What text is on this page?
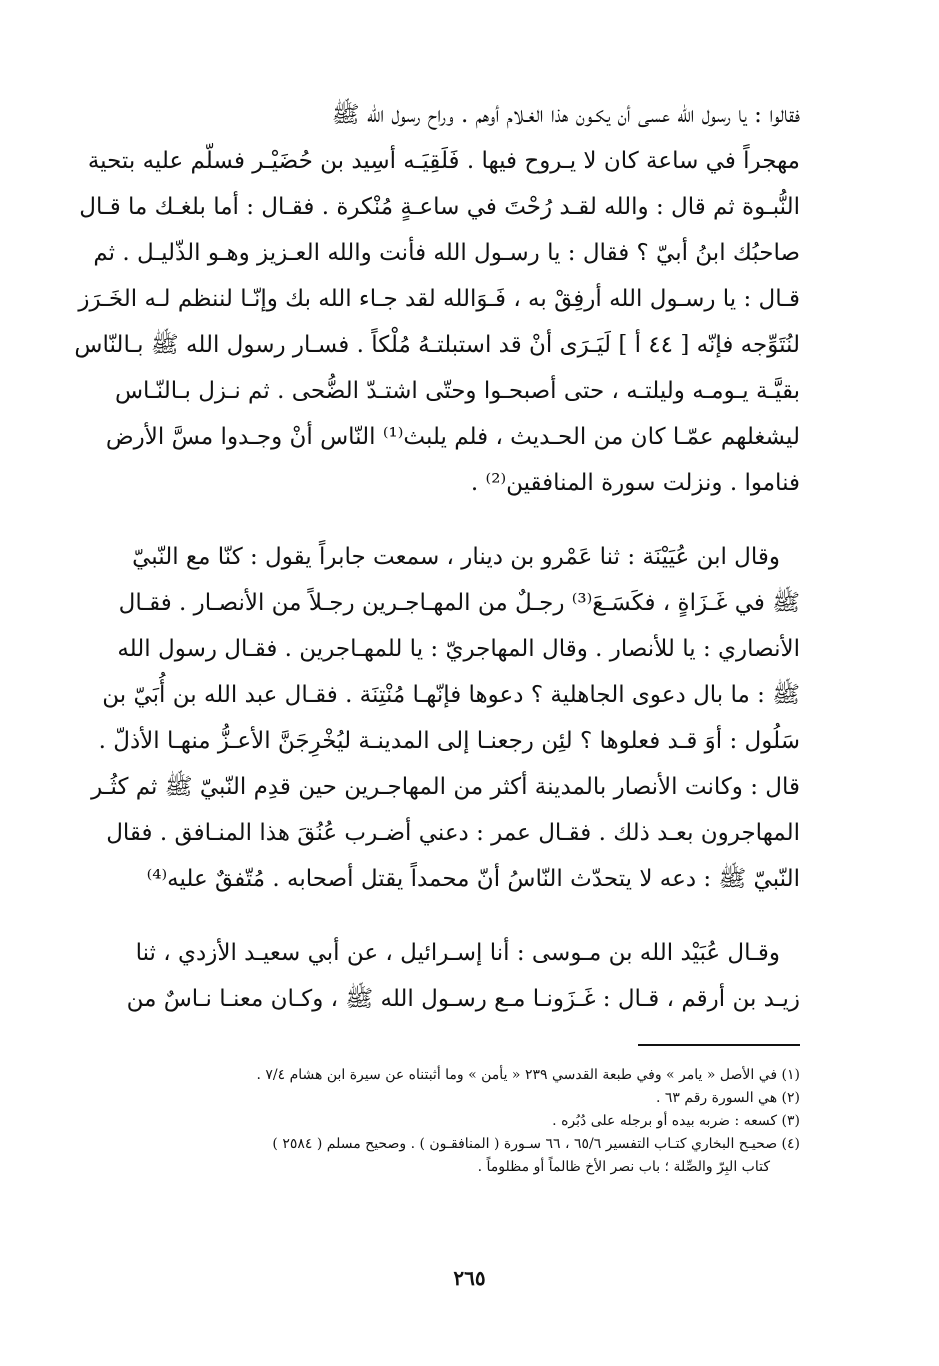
فقالوا : يا رسول الله عسى أن يكـون هذا الغـلام أوهم . وراح رسول الله ﷺ
مهجراً في ساعة كان لا يـروح فيها . فَلَقِيَـه أسِيد بن حُضَيْـر فسلّم عليه بتحية
النُّبـوة ثم قال : والله لقـد رُحْتَ في ساعـةٍ مُنْكرة . فقـال : أما بلغـك ما قـال
صاحبُك ابنُ أبيّ ؟ فقال : يا رسـول الله فأنت والله العـزيز وهـو الذّليـل . ثم
قـال : يا رسـول الله أرفِقْ به ، فَـوَالله لقد جـاء الله بك وإنّـا لننظم لـه الخَـرَز
لنُتَوِّجه فإنّه [ ٤٤ أ ] لَيَـرَى أنْ قد استبلتـهُ مُلْكاً . فسـار رسول الله ﷺ بـالنّاس
بقيَّـة يـومـه وليلتـه ، حتى أصبحـوا وحتّى اشتـدّ الضُّحى . ثم نـزل بـالنّـاس
ليشغلهم عمّـا كان من الحـديث ، فلم يلبث⁽¹⁾ النّاس أنْ وجـدوا مسَّ الأرض
فناموا . ونزلت سورة المنافقين⁽²⁾ .
وقال ابن عُيَيْنَة : ثنا عَمْرو بن دينار ، سمعت جابراً يقول : كنّا مع النّبيّ
ﷺ في غَـزَاةٍ ، فكَسَـعَ⁽³⁾ رجـلٌ من المهـاجـرين رجـلاً من الأنصـار . فقـال
الأنصاري : يا للأنصار . وقال المهاجريّ : يا للمهـاجرين . فقـال رسول الله
ﷺ : ما بال دعوى الجاهلية ؟ دعوها فإنّهـا مُنْتِنَة . فقـال عبد الله بن أُبَيّ بن
سَلُول : أوَ قـد فعلوها ؟ لئِن رجعنـا إلى المدينـة ليُخْرِجَنَّ الأعـزُّ منهـا الأذلّ .
قال : وكانت الأنصار بالمدينة أكثر من المهاجـرين حين قدِم النّبيّ ﷺ ثم كثُـر
المهاجرون بعـد ذلك . فقـال عمر : دعني أضـرب عُنُقَ هذا المنـافق . فقال
النّبيّ ﷺ : دعه لا يتحدّث النّاسُ أنّ محمداً يقتل أصحابه . مُتّفقٌ عليه⁽⁴⁾
وقـال عُبَيْد الله بن مـوسى : أنا إسـرائيل ، عن أبي سعيـد الأزدي ، ثنا
زيـد بن أرقم ، قـال : غَـزَونـا مـع رسـول الله ﷺ ، وكـان معنـا نـاسٌ من
(١) في الأصل « يامر » وفي طبعة القدسي ٢٣٩ « يأمن » وما أثبتناه عن سيرة ابن هشام ٧/٤ .
(٢) هي السورة رقم ٦٣ .
(٣) كسعه : ضربه بيده أو برجله على دُبُره .
(٤) صحيـح البخاري كتـاب التفسير ٦٥/٦ ، ٦٦ سـورة ( المنافقـون ) . وصحيح مسلم ( ٢٥٨٤ )
كتاب البِرّ والصِّلة ؛ باب نصر الأخ ظالماً أو مظلوماً .
٢٦٥
